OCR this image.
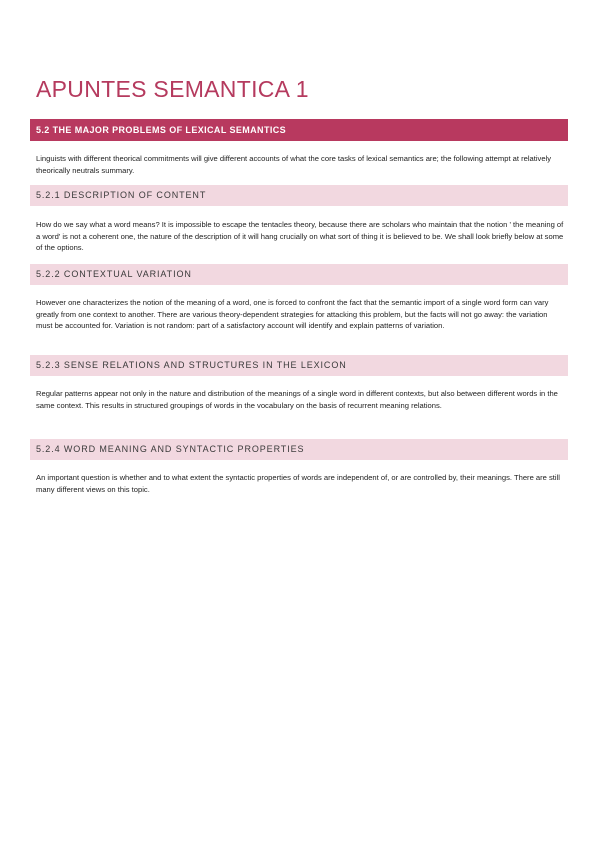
APUNTES SEMANTICA 1
5.2 THE MAJOR PROBLEMS OF LEXICAL SEMANTICS

Linguists with different theorical commitments will give different accounts of what the core tasks of lexical semantics are; the following attempt at relatively theorically neutrals summary.

5.2.1 DESCRIPTION OF CONTENT

How do we say what a word means? It is impossible to escape the tentacles theory, because there are scholars who maintain that the notion ' the meaning of a word' is not a coherent one, the nature of the description of it will hang crucially on what sort of thing it is believed to be. We shall look briefly below at some of the options.

5.2.2 CONTEXTUAL VARIATION

However one characterizes the notion of the meaning of a word, one is forced to confront the fact that the semantic import of a single word form can vary greatly from one context to another. There are various theory-dependent strategies for attacking this problem, but the facts will not go away: the variation must be accounted for. Variation is not random: part of a satisfactory account will identify and explain patterns of variation.

5.2.3 SENSE RELATIONS AND STRUCTURES IN THE LEXICON

Regular patterns appear not only in the nature and distribution of the meanings of a single word in different contexts, but also between different words in the same context. This results in structured groupings of words in the vocabulary on the basis of recurrent meaning relations.

5.2.4 WORD MEANING AND SYNTACTIC PROPERTIES

An important question is whether and to what extent the syntactic properties of words are independent of, or are controlled by, their meanings. There are still many different views on this topic.
